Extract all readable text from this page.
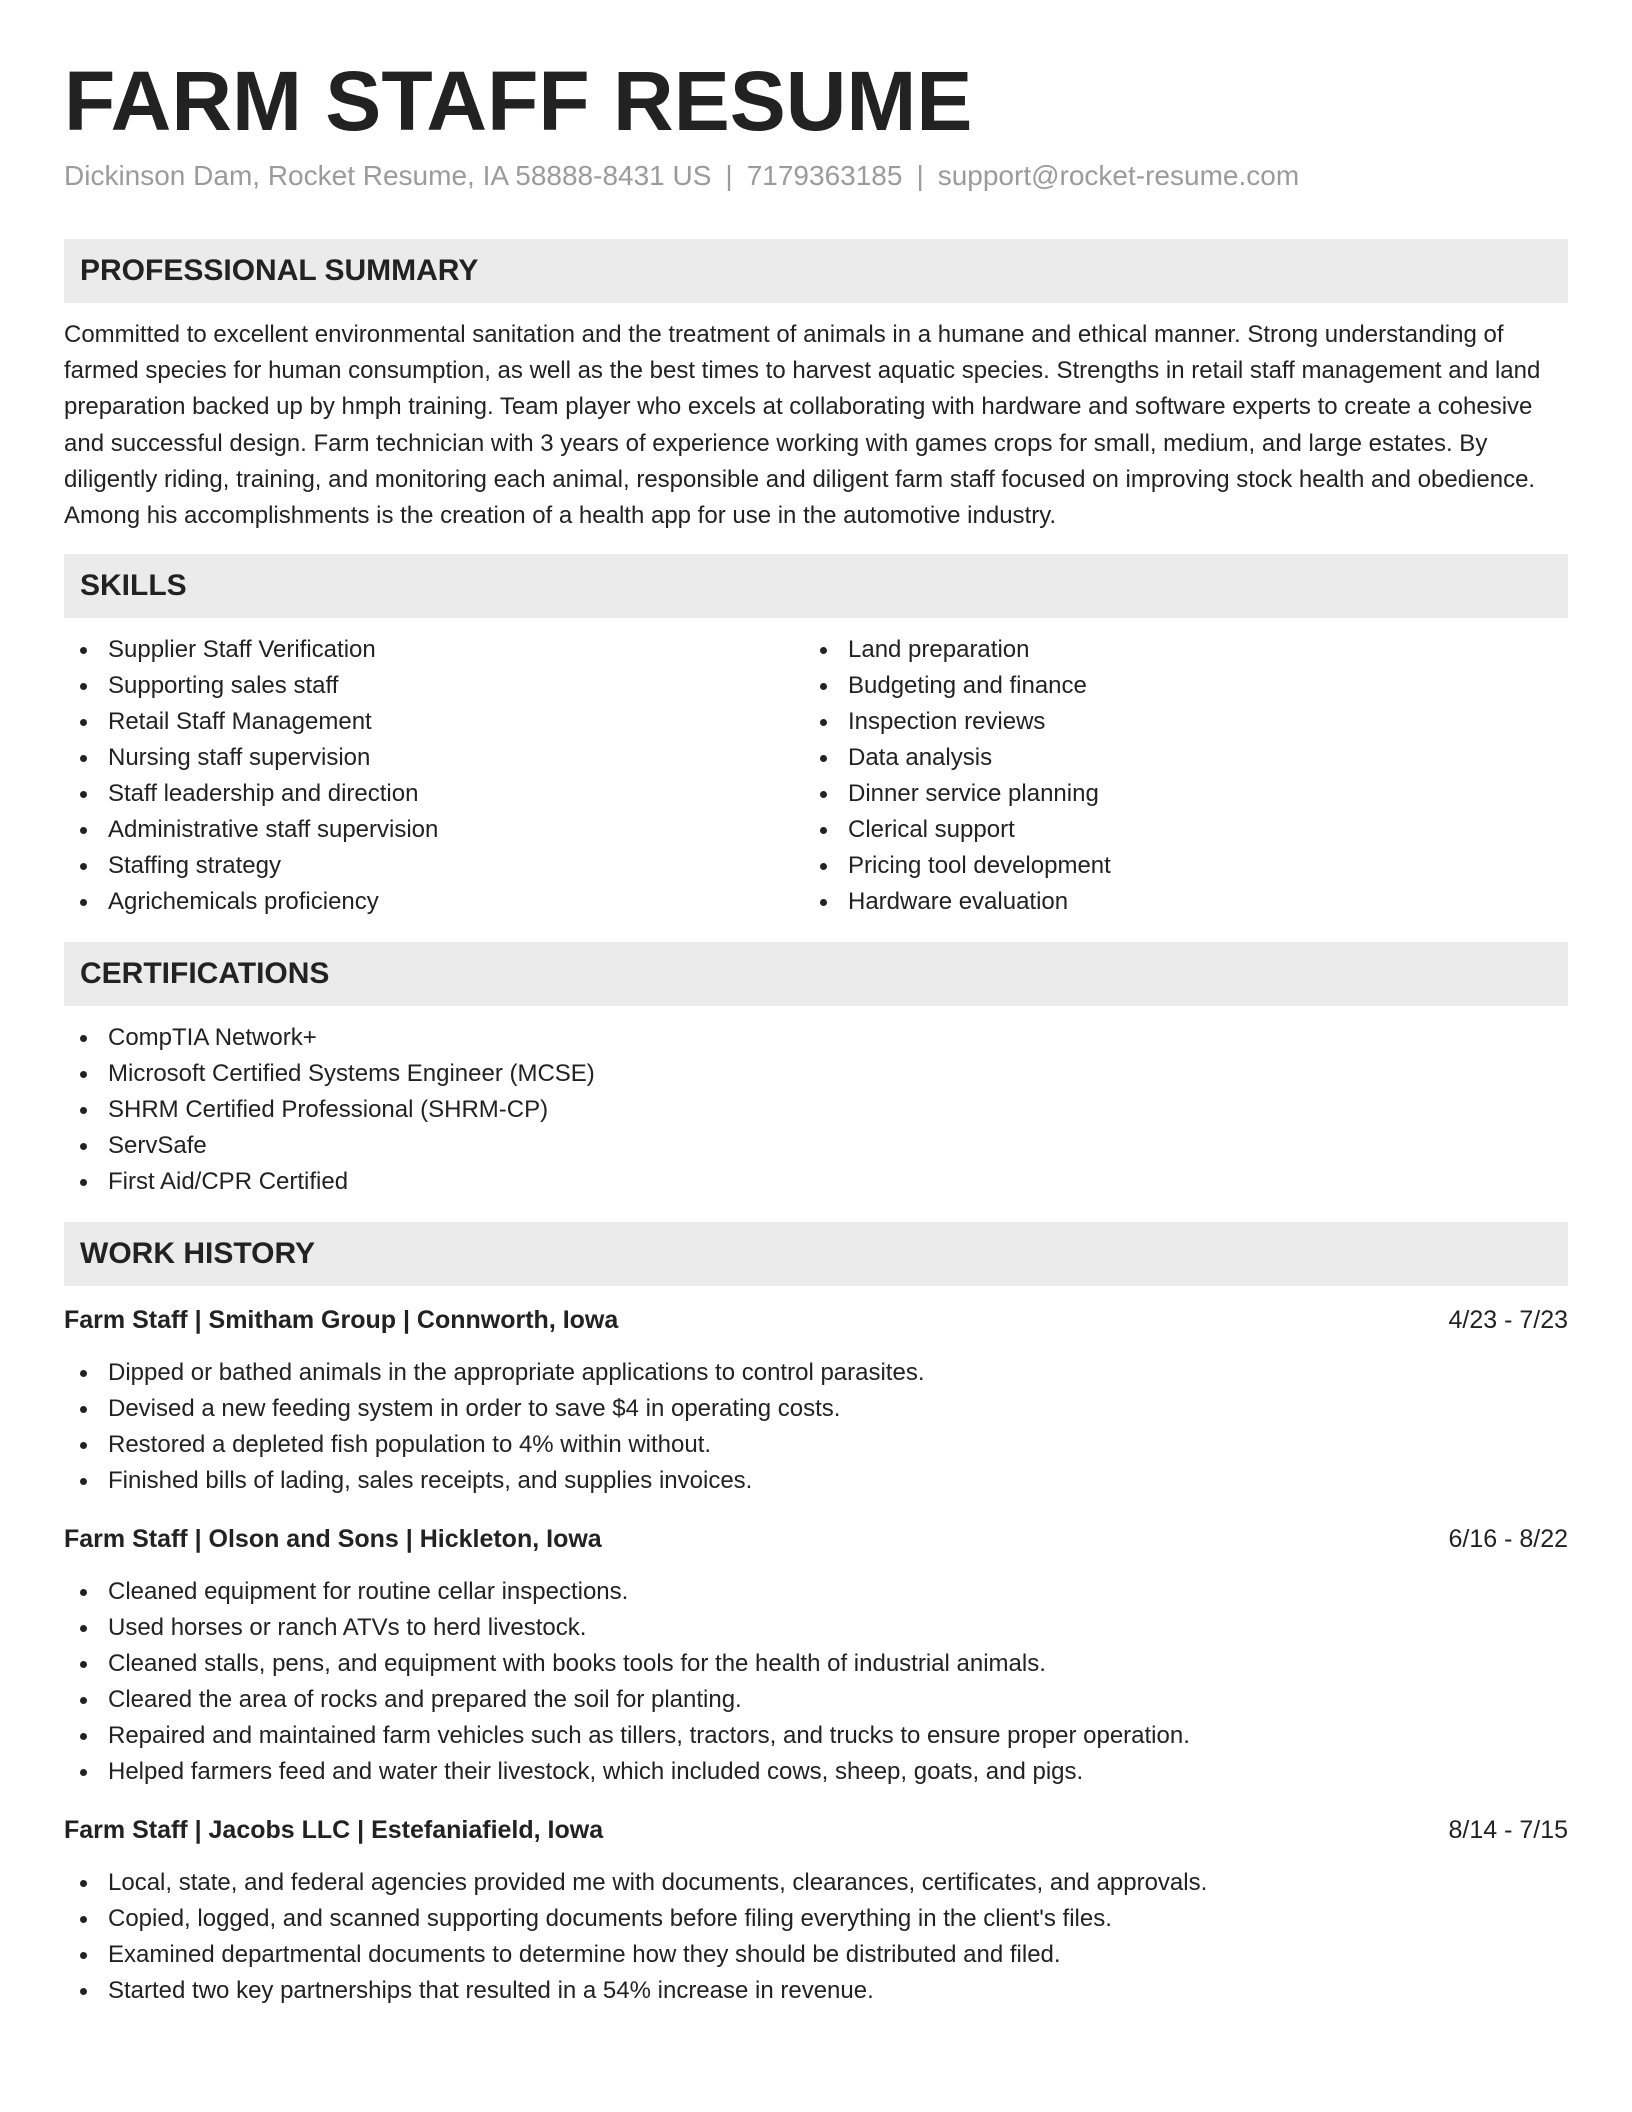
FARM STAFF RESUME
Dickinson Dam, Rocket Resume, IA 58888-8431 US | 7179363185 | support@rocket-resume.com
PROFESSIONAL SUMMARY

Committed to excellent environmental sanitation and the treatment of animals in a humane and ethical manner. Strong understanding of farmed species for human consumption, as well as the best times to harvest aquatic species. Strengths in retail staff management and land preparation backed up by hmph training. Team player who excels at collaborating with hardware and software experts to create a cohesive and successful design. Farm technician with 3 years of experience working with games crops for small, medium, and large estates. By diligently riding, training, and monitoring each animal, responsible and diligent farm staff focused on improving stock health and obedience. Among his accomplishments is the creation of a health app for use in the automotive industry.

SKILLS
Supplier Staff Verification
Supporting sales staff
Retail Staff Management
Nursing staff supervision
Staff leadership and direction
Administrative staff supervision
Staffing strategy
Agrichemicals proficiency
Land preparation
Budgeting and finance
Inspection reviews
Data analysis
Dinner service planning
Clerical support
Pricing tool development
Hardware evaluation
CERTIFICATIONS
CompTIA Network+
Microsoft Certified Systems Engineer (MCSE)
SHRM Certified Professional (SHRM-CP)
ServSafe
First Aid/CPR Certified
WORK HISTORY
Farm Staff | Smitham Group | Connworth, Iowa	4/23 - 7/23
Dipped or bathed animals in the appropriate applications to control parasites.
Devised a new feeding system in order to save $4 in operating costs.
Restored a depleted fish population to 4% within without.
Finished bills of lading, sales receipts, and supplies invoices.
Farm Staff | Olson and Sons | Hickleton, Iowa	6/16 - 8/22
Cleaned equipment for routine cellar inspections.
Used horses or ranch ATVs to herd livestock.
Cleaned stalls, pens, and equipment with books tools for the health of industrial animals.
Cleared the area of rocks and prepared the soil for planting.
Repaired and maintained farm vehicles such as tillers, tractors, and trucks to ensure proper operation.
Helped farmers feed and water their livestock, which included cows, sheep, goats, and pigs.
Farm Staff | Jacobs LLC | Estefaniafield, Iowa	8/14 - 7/15
Local, state, and federal agencies provided me with documents, clearances, certificates, and approvals.
Copied, logged, and scanned supporting documents before filing everything in the client's files.
Examined departmental documents to determine how they should be distributed and filed.
Started two key partnerships that resulted in a 54% increase in revenue.
